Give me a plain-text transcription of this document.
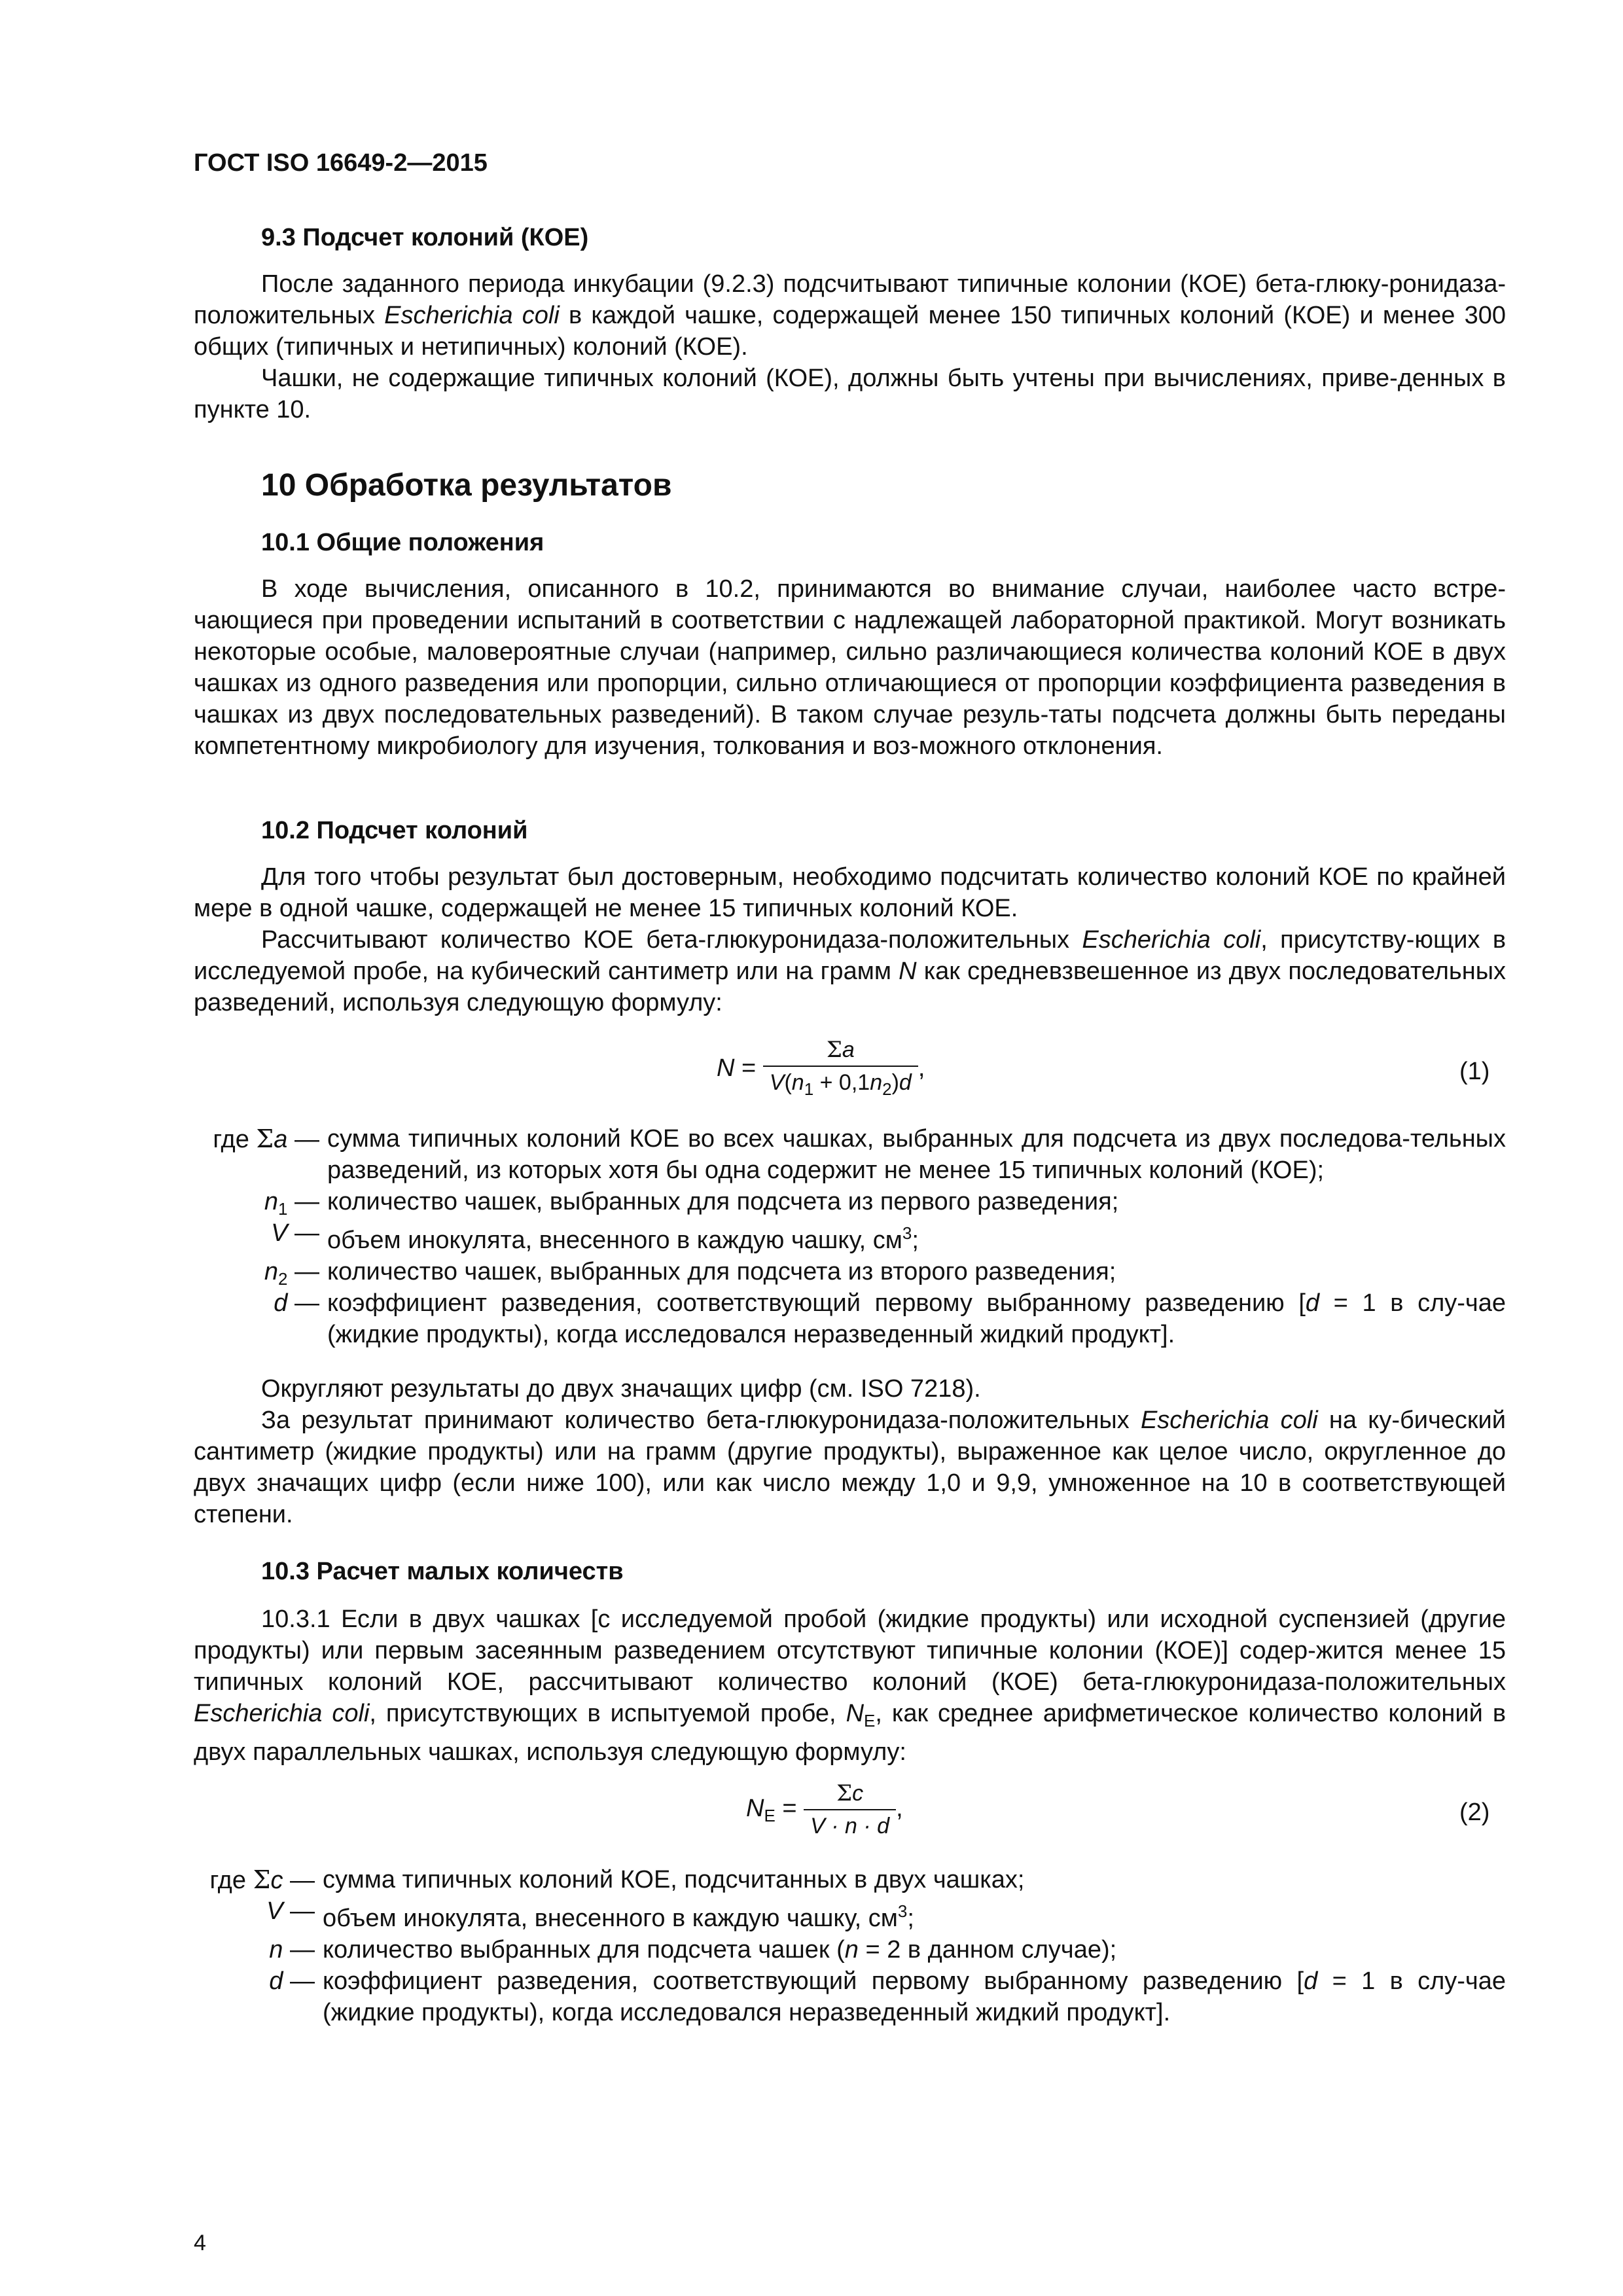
ГОСТ ISO 16649-2—2015
9.3 Подсчет колоний (КОЕ)

После заданного периода инкубации (9.2.3) подсчитывают типичные колонии (КОЕ) бета-глюку-ронидаза-положительных Escherichia coli в каждой чашке, содержащей менее 150 типичных колоний (КОЕ) и менее 300 общих (типичных и нетипичных) колоний (КОЕ).

Чашки, не содержащие типичных колоний (КОЕ), должны быть учтены при вычислениях, приве-денных в пункте 10.

10 Обработка результатов
10.1 Общие положения

В ходе вычисления, описанного в 10.2, принимаются во внимание случаи, наиболее часто встре-чающиеся при проведении испытаний в соответствии с надлежащей лабораторной практикой. Могут возникать некоторые особые, маловероятные случаи (например, сильно различающиеся количества колоний КОЕ в двух чашках из одного разведения или пропорции, сильно отличающиеся от пропорции коэффициента разведения в чашках из двух последовательных разведений). В таком случае резуль-таты подсчета должны быть переданы компетентному микробиологу для изучения, толкования и воз-можного отклонения.

10.2 Подсчет колоний

Для того чтобы результат был достоверным, необходимо подсчитать количество колоний КОЕ по крайней мере в одной чашке, содержащей не менее 15 типичных колоний КОЕ.

Рассчитывают количество КОЕ бета-глюкуронидаза-положительных Escherichia coli, присутству-ющих в исследуемой пробе, на кубический сантиметр или на грамм N как средневзвешенное из двух последовательных разведений, используя следующую формулу:

$N = \frac{\Sigma a}{V(n_1 + 0,1n_2)d}$ ,	(1)
где Σa — сумма типичных колоний КОЕ во всех чашках, выбранных для подсчета из двух последова-тельных разведений, из которых хотя бы одна содержит не менее 15 типичных колоний (КОЕ);
$n_1$ — количество чашек, выбранных для подсчета из первого разведения;
V — объем инокулята, внесенного в каждую чашку, $см^3$;
$n_2$ — количество чашек, выбранных для подсчета из второго разведения;
d — коэффициент разведения, соответствующий первому выбранному разведению [d = 1 в слу-чае (жидкие продукты), когда исследовался неразведенный жидкий продукт].

Округляют результаты до двух значащих цифр (см. ISO 7218).

За результат принимают количество бета-глюкуронидаза-положительных Escherichia coli на ку-бический сантиметр (жидкие продукты) или на грамм (другие продукты), выраженное как целое число, округленное до двух значащих цифр (если ниже 100), или как число между 1,0 и 9,9, умноженное на 10 в соответствующей степени.

10.3 Расчет малых количеств

10.3.1 Если в двух чашках [с исследуемой пробой (жидкие продукты) или исходной суспензией (другие продукты) или первым засеянным разведением отсутствуют типичные колонии (КОЕ)] содер-жится менее 15 типичных колоний КОЕ, рассчитывают количество колоний (КОЕ) бета-глюкуронидаза-положительных Escherichia coli, присутствующих в испытуемой пробе, $N_E$, как среднее арифметическое количество колоний в двух параллельных чашках, используя следующую формулу:

$N_E = \frac{\Sigma c}{V \cdot n \cdot d}$ ,	(2)
где Σc — сумма типичных колоний КОЕ, подсчитанных в двух чашках;
V — объем инокулята, внесенного в каждую чашку, $см^3$;
n — количество выбранных для подсчета чашек (n = 2 в данном случае);
d — коэффициент разведения, соответствующий первому выбранному разведению [d = 1 в слу-чае (жидкие продукты), когда исследовался неразведенный жидкий продукт].
4
